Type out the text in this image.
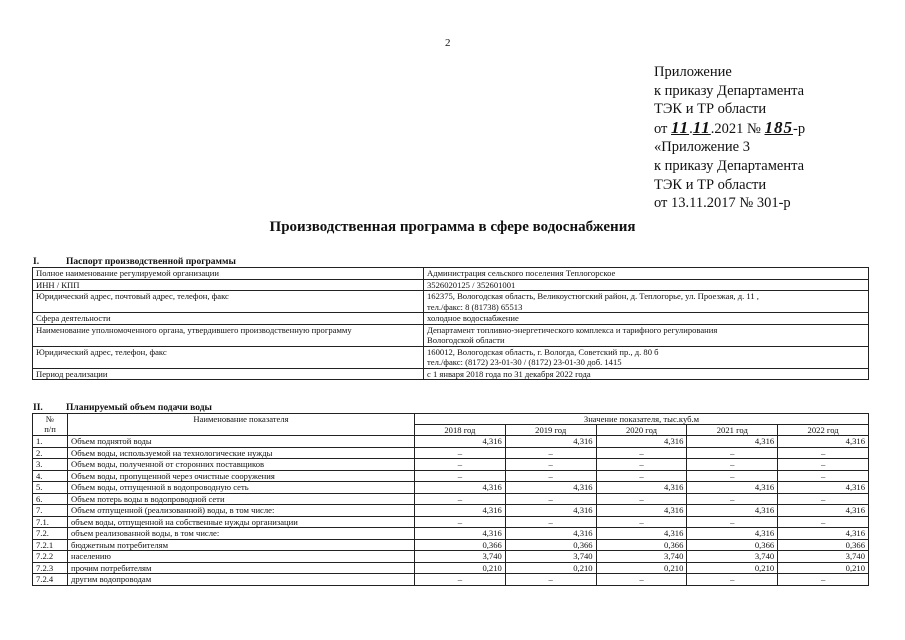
2
Приложение
к приказу Департамента
ТЭК и ТР области
от 11.11.2021 № 185-р
«Приложение 3
к приказу Департамента
ТЭК и ТР области
от 13.11.2017 № 301-р
Производственная программа в сфере водоснабжения
I.	Паспорт производственной программы
Полное наименование регулируемой организации	Администрация сельского поселения Теплогорское

ИНН / КПП	3526020125 / 352601001

Юридический адрес, почтовый адрес, телефон, факс	162375, Вологодская область, Великоустюгский район, д. Теплогорье, ул. Проезжая, д. 11 ,
тел./факс: 8 (81738) 65513

Сфера деятельности	холодное водоснабжение

Наименование уполномоченного органа, утвердившего производственную программу	Департамент топливно-энергетического комплекса и тарифного регулирования
Вологодской области

Юридический адрес, телефон, факс	160012, Вологодская область, г. Вологда, Советский пр., д. 80 б
тел./факс: (8172) 23-01-30 / (8172) 23-01-30 доб. 1415

Период реализации	с 1 января 2018 года по 31 декабря 2022 года
II. Планируемый объем подачи воды
№
п/п	Наименование показателя	Значение показателя, тыс.куб.м				
		2018 год	2019 год	2020 год	2021 год	2022 год
1.	Объем поднятой воды	4,316	4,316	4,316	4,316	4,316
2.	Объем воды, используемой на технологические нужды	–	–	–	–	–
3.	Объем воды, полученной от сторонних поставщиков	–	–	–	–	–
4.	Объем воды, пропущенной через очистные сооружения	–	–	–	–	–
5.	Объем воды, отпущенной в водопроводную сеть	4,316	4,316	4,316	4,316	4,316
6.	Объем потерь воды в водопроводной сети	–	–	–	–	–
7.	Объем отпущенной (реализованной) воды, в том числе:	4,316	4,316	4,316	4,316	4,316
7.1.	объем воды, отпущенной на собственные нужды организации	–	–	–	–	–
7.2.	объем реализованной воды, в том числе:	4,316	4,316	4,316	4,316	4,316
7.2.1	бюджетным потребителям	0,366	0,366	0,366	0,366	0,366
7.2.2	населению	3,740	3,740	3,740	3,740	3,740
7.2.3	прочим потребителям	0,210	0,210	0,210	0,210	0,210
7.2.4	другим водопроводам	–	–	–	–	–
